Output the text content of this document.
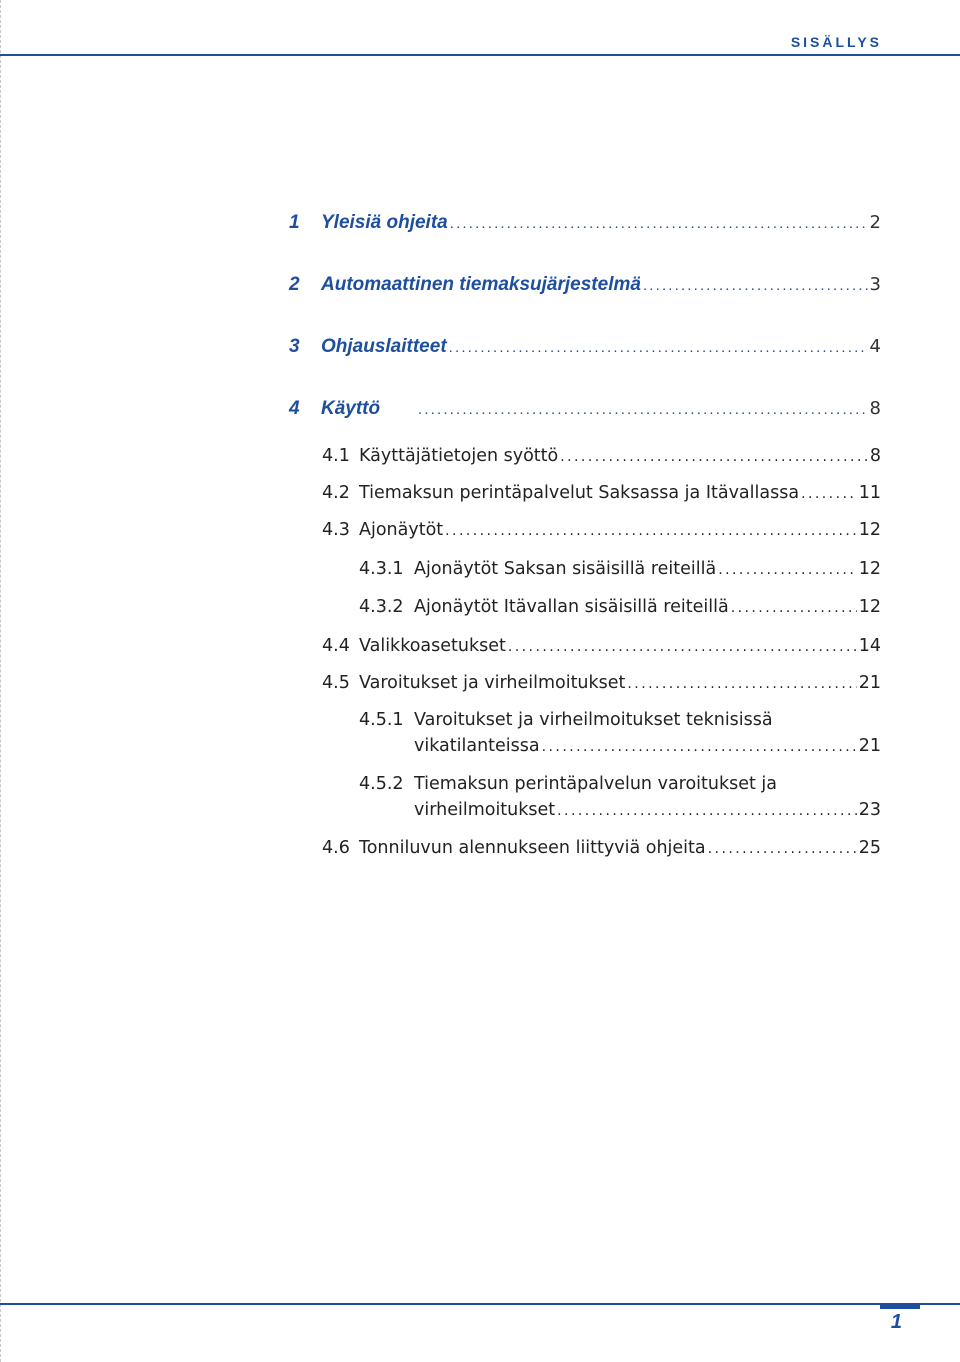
SISÄLLYS
1	Yleisiä ohjeita . . .	2
2	Automaattinen tiemaksujärjestelmä . . .	3
3	Ohjauslaitteet . . .	4
4	Käyttö . . .	8
4.1 Käyttäjätietojen syöttö . . .	8
4.2 Tiemaksun perintäpalvelut Saksassa ja Itävallassa . . .	11
4.3 Ajonäytöt . . .	12
4.3.1 Ajonäytöt Saksan sisäisillä reiteillä . . .	12
4.3.2 Ajonäytöt Itävallan sisäisillä reiteillä . . .	12
4.4 Valikkoasetukset . . .	14
4.5 Varoitukset ja virheilmoitukset . . .	21
4.5.1 Varoitukset ja virheilmoitukset teknisissä
vikatilanteissa . . .	21
4.5.2 Tiemaksun perintäpalvelun varoitukset ja
virheilmoitukset . . .	23
4.6 Tonniluvun alennukseen liittyviä ohjeita . . .	25
1
